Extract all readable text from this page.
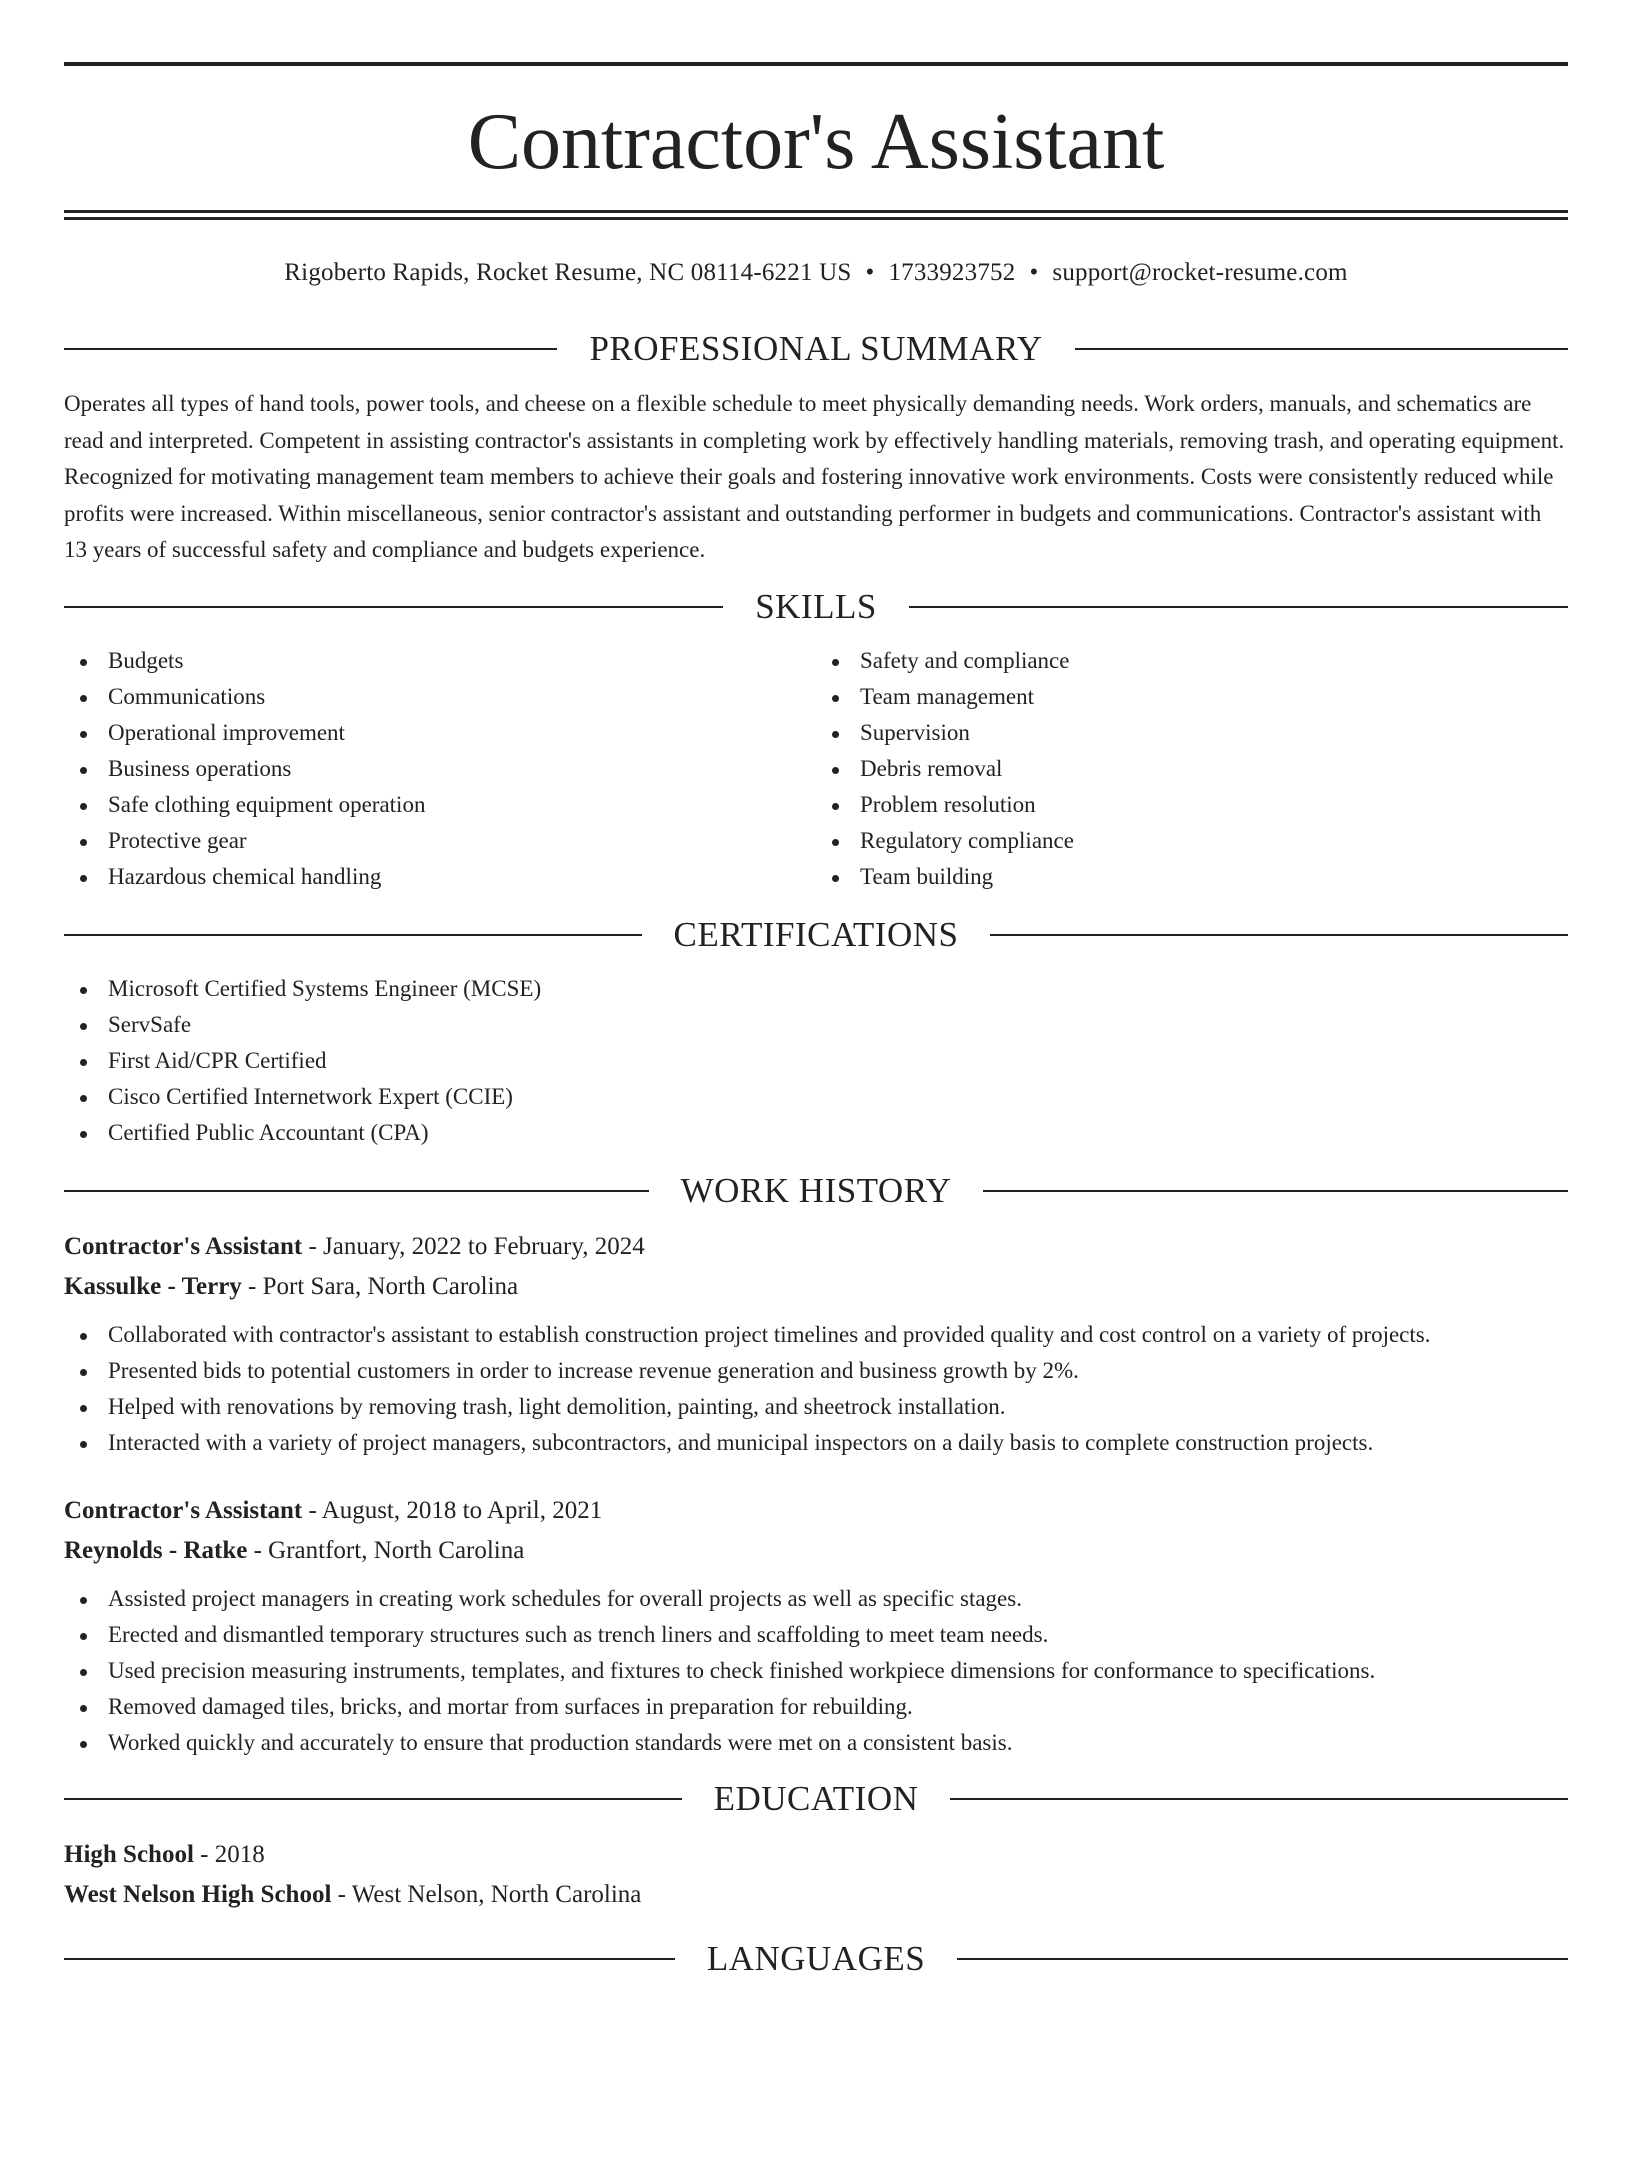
Contractor's Assistant
Rigoberto Rapids, Rocket Resume, NC 08114-6221 US • 1733923752 • support@rocket-resume.com
PROFESSIONAL SUMMARY

Operates all types of hand tools, power tools, and cheese on a flexible schedule to meet physically demanding needs. Work orders, manuals, and schematics are read and interpreted. Competent in assisting contractor's assistants in completing work by effectively handling materials, removing trash, and operating equipment. Recognized for motivating management team members to achieve their goals and fostering innovative work environments. Costs were consistently reduced while profits were increased. Within miscellaneous, senior contractor's assistant and outstanding performer in budgets and communications. Contractor's assistant with 13 years of successful safety and compliance and budgets experience.

SKILLS
Budgets
Communications
Operational improvement
Business operations
Safe clothing equipment operation
Protective gear
Hazardous chemical handling
Safety and compliance
Team management
Supervision
Debris removal
Problem resolution
Regulatory compliance
Team building
CERTIFICATIONS
Microsoft Certified Systems Engineer (MCSE)
ServSafe
First Aid/CPR Certified
Cisco Certified Internetwork Expert (CCIE)
Certified Public Accountant (CPA)
WORK HISTORY
Contractor's Assistant - January, 2022 to February, 2024
Kassulke - Terry - Port Sara, North Carolina
Collaborated with contractor's assistant to establish construction project timelines and provided quality and cost control on a variety of projects.
Presented bids to potential customers in order to increase revenue generation and business growth by 2%.
Helped with renovations by removing trash, light demolition, painting, and sheetrock installation.
Interacted with a variety of project managers, subcontractors, and municipal inspectors on a daily basis to complete construction projects.
Contractor's Assistant - August, 2018 to April, 2021
Reynolds - Ratke - Grantfort, North Carolina
Assisted project managers in creating work schedules for overall projects as well as specific stages.
Erected and dismantled temporary structures such as trench liners and scaffolding to meet team needs.
Used precision measuring instruments, templates, and fixtures to check finished workpiece dimensions for conformance to specifications.
Removed damaged tiles, bricks, and mortar from surfaces in preparation for rebuilding.
Worked quickly and accurately to ensure that production standards were met on a consistent basis.
EDUCATION
High School - 2018
West Nelson High School - West Nelson, North Carolina
LANGUAGES
